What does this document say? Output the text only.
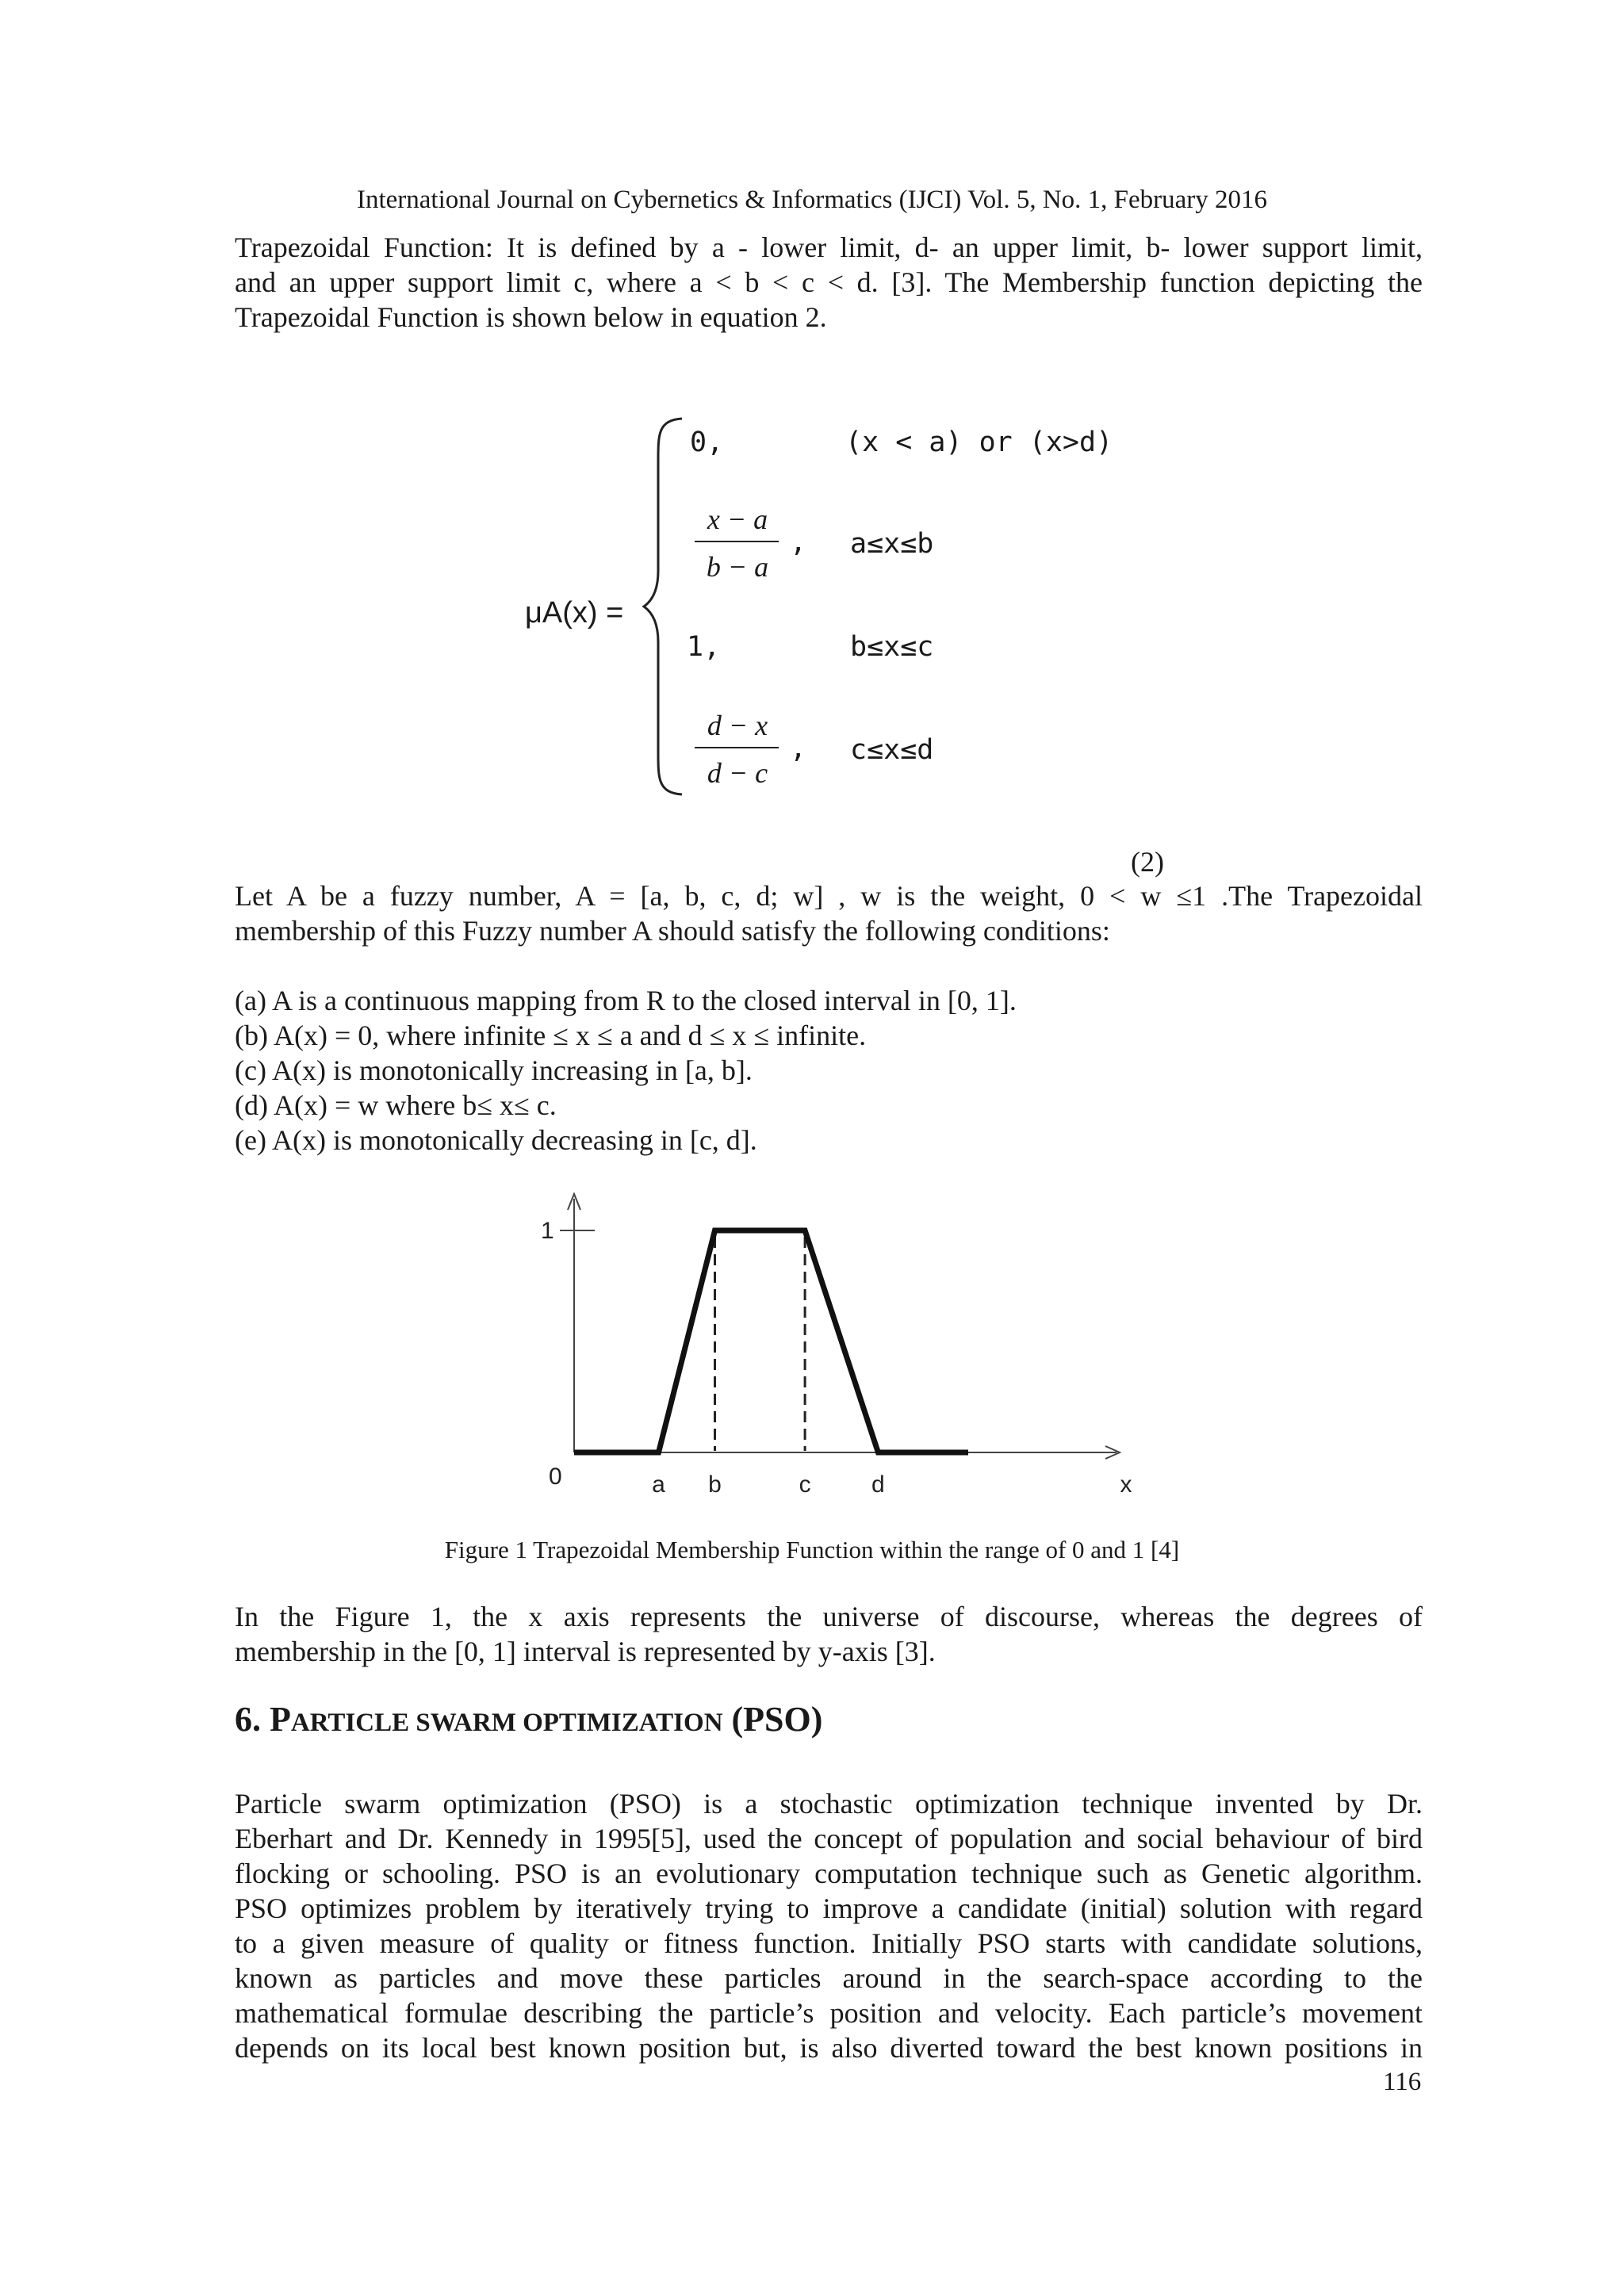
International Journal on Cybernetics & Informatics (IJCI) Vol. 5, No. 1, February 2016
Trapezoidal Function: It is defined by a - lower limit, d- an upper limit, b- lower support limit,
and an upper support limit c, where a < b < c < d. [3]. The Membership function depicting the
Trapezoidal Function is shown below in equation 2.
μA(x) =
0,	(x < a) or (x>d)
x − a
b − a
, a≤x≤b
1,	b≤x≤c
d − x
d − c
, c≤x≤d
(2)
Let A be a fuzzy number, A = [a, b, c, d; w] , w is the weight, 0 < w ≤1 .The Trapezoidal
membership of this Fuzzy number A should satisfy the following conditions:
(a) A is a continuous mapping from R to the closed interval in [0, 1].
(b) A(x) = 0, where infinite ≤ x ≤ a and d ≤ x ≤ infinite.
(c) A(x) is monotonically increasing in [a, b].
(d) A(x) = w where b≤ x≤ c.
(e) A(x) is monotonically decreasing in [c, d].
1
0	a b	c	d	x
Figure 1 Trapezoidal Membership Function within the range of 0 and 1 [4]
In the Figure 1, the x axis represents the universe of discourse, whereas the degrees of
membership in the [0, 1] interval is represented by y-axis [3].
6. PARTICLE SWARM OPTIMIZATION (PSO)
Particle swarm optimization (PSO) is a stochastic optimization technique invented by Dr.
Eberhart and Dr. Kennedy in 1995[5], used the concept of population and social behaviour of bird
flocking or schooling. PSO is an evolutionary computation technique such as Genetic algorithm.
PSO optimizes problem by iteratively trying to improve a candidate (initial) solution with regard
to a given measure of quality or fitness function. Initially PSO starts with candidate solutions,
known as particles and move these particles around in the search-space according to the
mathematical formulae describing the particle’s position and velocity. Each particle’s movement
depends on its local best known position but, is also diverted toward the best known positions in
116
